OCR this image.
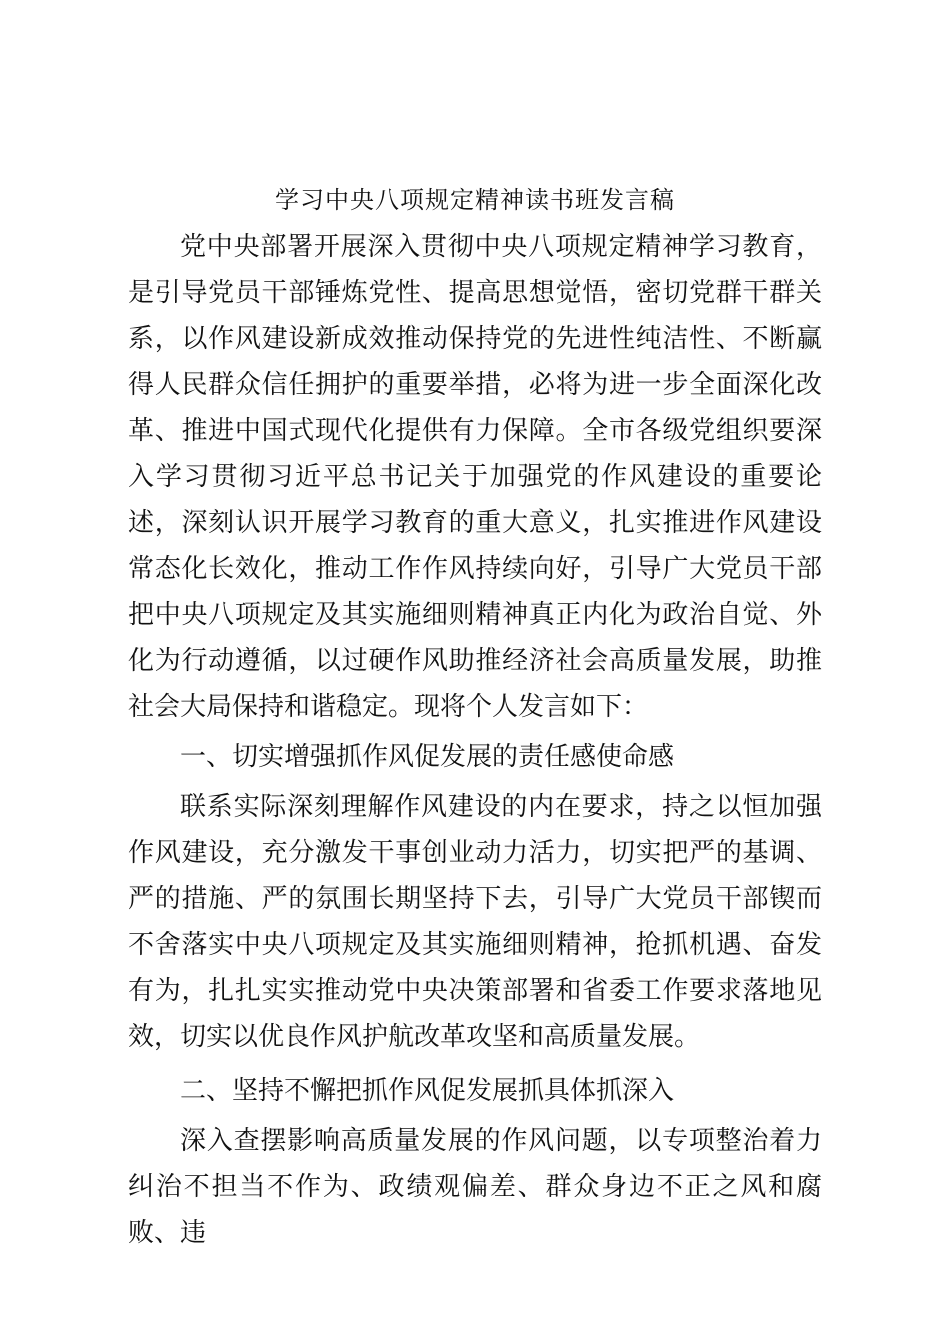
学习中央八项规定精神读书班发言稿

党中央部署开展深入贯彻中央八项规定精神学习教育，是引导党员干部锤炼党性、提高思想觉悟，密切党群干群关系，以作风建设新成效推动保持党的先进性纯洁性、不断赢得人民群众信任拥护的重要举措，必将为进一步全面深化改革、推进中国式现代化提供有力保障。全市各级党组织要深入学习贯彻习近平总书记关于加强党的作风建设的重要论述，深刻认识开展学习教育的重大意义，扎实推进作风建设常态化长效化，推动工作作风持续向好，引导广大党员干部把中央八项规定及其实施细则精神真正内化为政治自觉、外化为行动遵循，以过硬作风助推经济社会高质量发展，助推社会大局保持和谐稳定。现将个人发言如下：

一、切实增强抓作风促发展的责任感使命感

联系实际深刻理解作风建设的内在要求，持之以恒加强作风建设，充分激发干事创业动力活力，切实把严的基调、严的措施、严的氛围长期坚持下去，引导广大党员干部锲而不舍落实中央八项规定及其实施细则精神，抢抓机遇、奋发有为，扎扎实实推动党中央决策部署和省委工作要求落地见效，切实以优良作风护航改革攻坚和高质量发展。

二、坚持不懈把抓作风促发展抓具体抓深入

深入查摆影响高质量发展的作风问题，以专项整治着力纠治不担当不作为、政绩观偏差、群众身边不正之风和腐败、违
